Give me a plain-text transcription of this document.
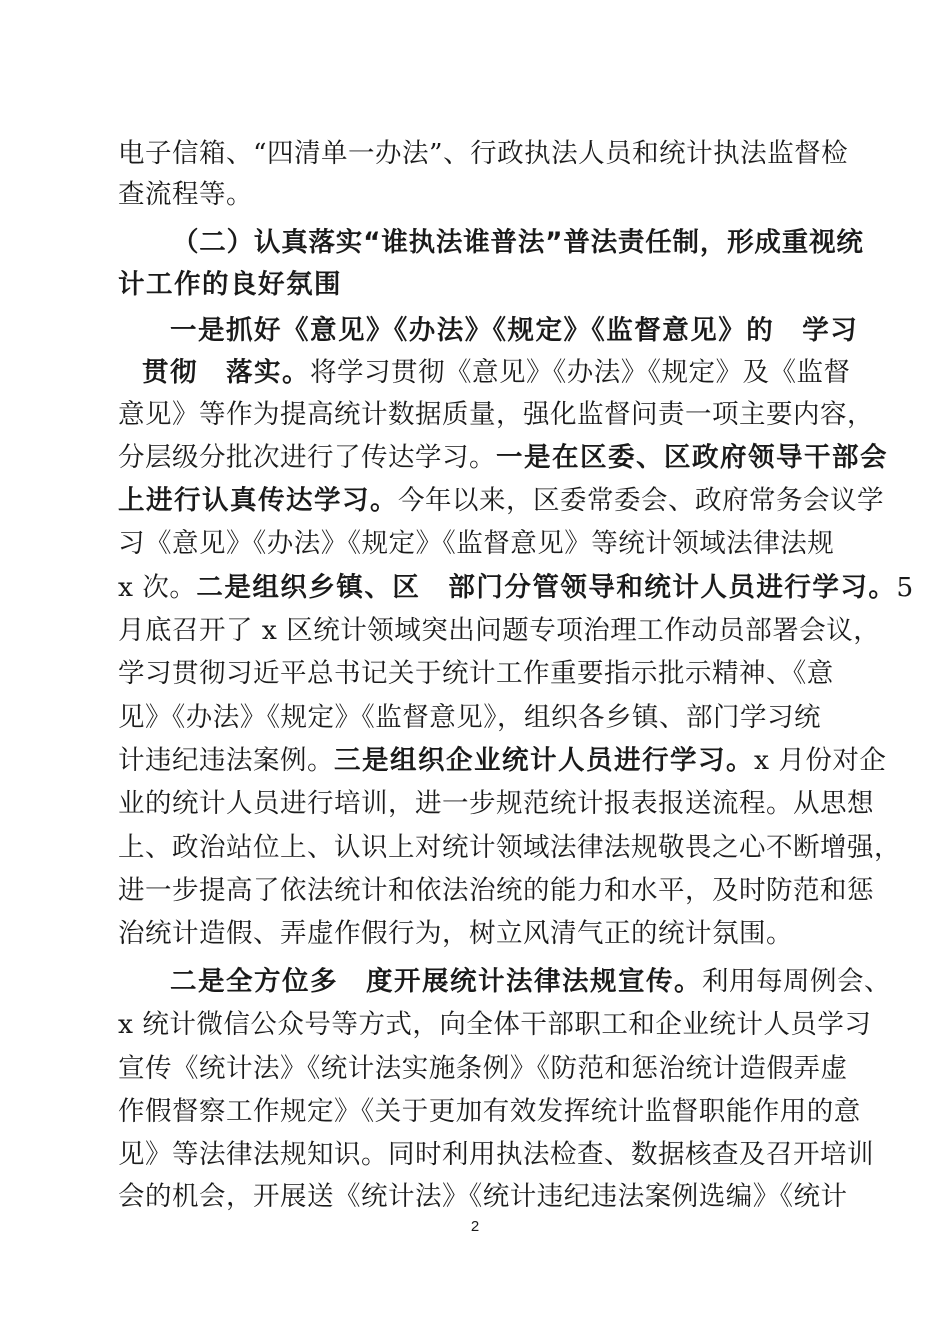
电子信箱、“四清单一办法”、行政执法人员和统计执法监督检
查流程等。
（二）认真落实“谁执法谁普法”普法责任制，形成重视统
计工作的良好氛围
一是抓好《意见》《办法》《规定》《监督意见》的　学习
贯彻　落实。将学习贯彻《意见》《办法》《规定》及《监督
意见》等作为提高统计数据质量，强化监督问责一项主要内容，
分层级分批次进行了传达学习。一是在区委、区政府领导干部会
上进行认真传达学习。今年以来，区委常委会、政府常务会议学
习《意见》《办法》《规定》《监督意见》等统计领域法律法规
x 次。二是组织乡镇、区　部门分管领导和统计人员进行学习。5
月底召开了 x 区统计领域突出问题专项治理工作动员部署会议，
学习贯彻习近平总书记关于统计工作重要指示批示精神、《意
见》《办法》《规定》《监督意见》，组织各乡镇、部门学习统
计违纪违法案例。三是组织企业统计人员进行学习。x 月份对企
业的统计人员进行培训，进一步规范统计报表报送流程。从思想
上、政治站位上、认识上对统计领域法律法规敬畏之心不断增强，
进一步提高了依法统计和依法治统的能力和水平，及时防范和惩
治统计造假、弄虚作假行为，树立风清气正的统计氛围。
二是全方位多　度开展统计法律法规宣传。利用每周例会、
x 统计微信公众号等方式，向全体干部职工和企业统计人员学习
宣传《统计法》《统计法实施条例》《防范和惩治统计造假弄虚
作假督察工作规定》《关于更加有效发挥统计监督职能作用的意
见》等法律法规知识。同时利用执法检查、数据核查及召开培训
会的机会，开展送《统计法》《统计违纪违法案例选编》《统计
2
